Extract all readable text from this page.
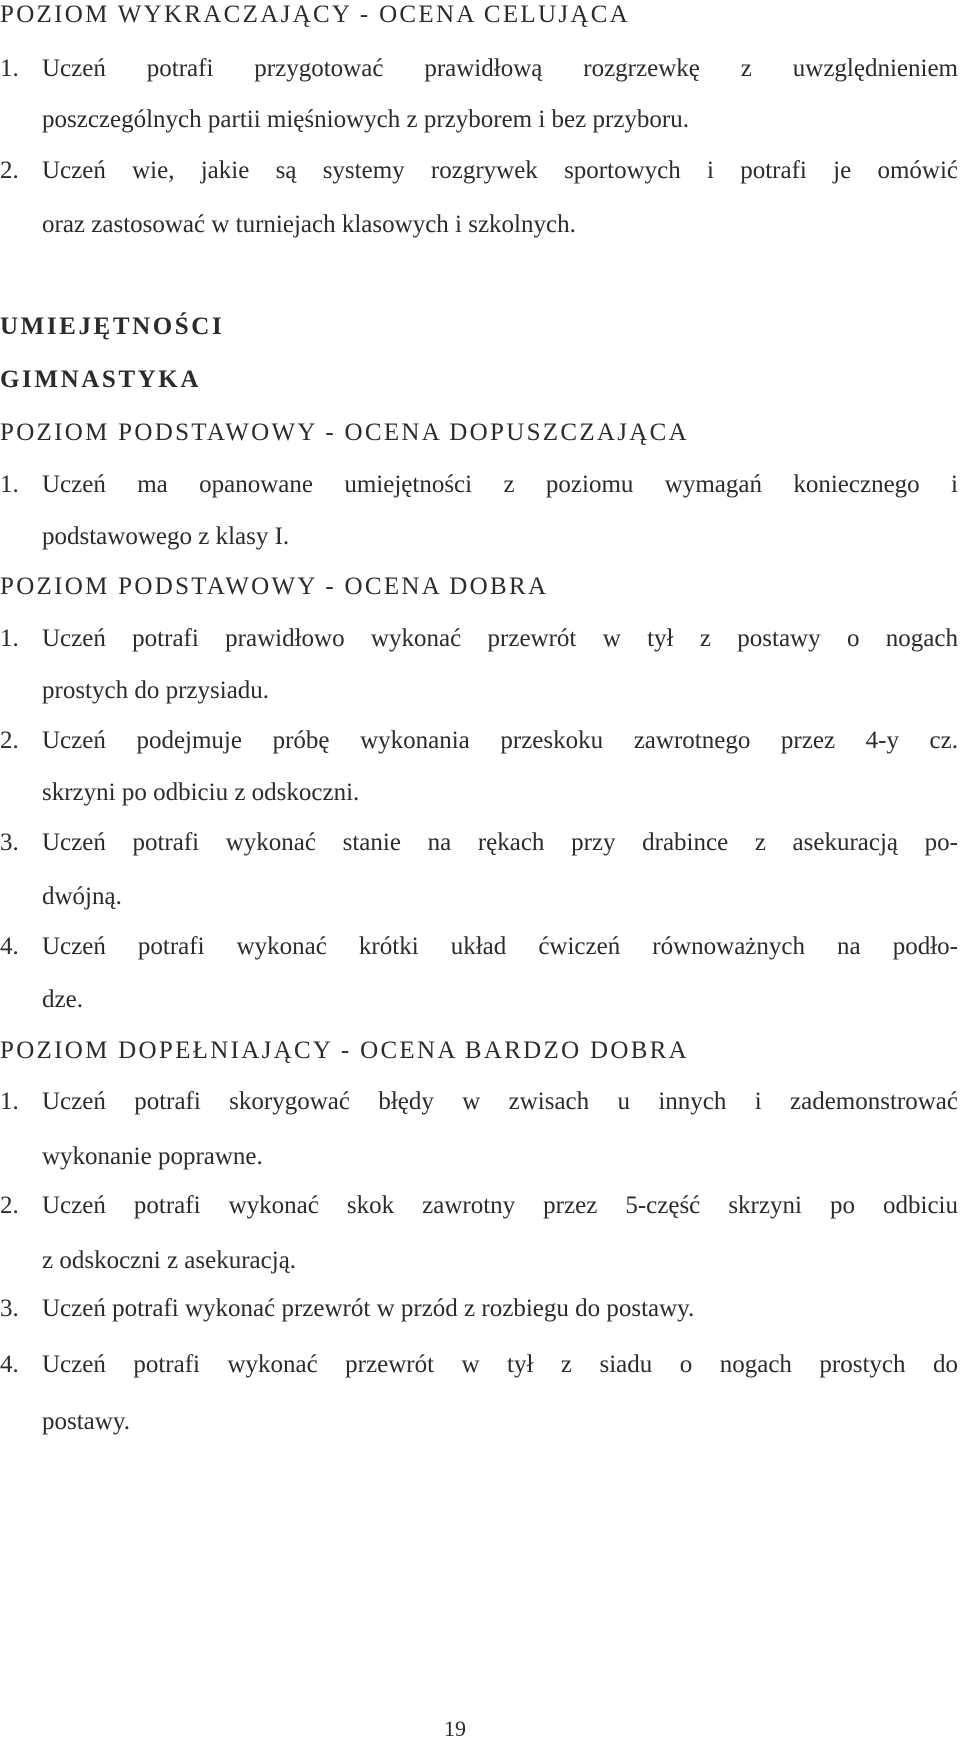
POZIOM WYKRACZAJĄCY - OCENA CELUJĄCA
1. Uczeń potrafi przygotować prawidłową rozgrzewkę z uwzględnieniem
poszczególnych partii mięśniowych z przyborem i bez przyboru.
2. Uczeń wie, jakie są systemy rozgrywek sportowych i potrafi je omówić
oraz zastosować w turniejach klasowych i szkolnych.
UMIEJĘTNOŚCI
GIMNASTYKA
POZIOM PODSTAWOWY - OCENA DOPUSZCZAJĄCA
1. Uczeń ma opanowane umiejętności z poziomu wymagań koniecznego i
podstawowego z klasy I.
POZIOM PODSTAWOWY - OCENA DOBRA
1. Uczeń potrafi prawidłowo wykonać przewrót w tył z postawy o nogach
prostych do przysiadu.
2. Uczeń podejmuje próbę wykonania przeskoku zawrotnego przez 4-y cz.
skrzyni po odbiciu z odskoczni.
3. Uczeń potrafi wykonać stanie na rękach przy drabince z asekuracją po-
dwójną.
4. Uczeń potrafi wykonać krótki układ ćwiczeń równoważnych na podło-
dze.
POZIOM DOPEŁNIAJĄCY - OCENA BARDZO DOBRA
1. Uczeń potrafi skorygować błędy w zwisach u innych i zademonstrować
wykonanie poprawne.
2. Uczeń potrafi wykonać skok zawrotny przez 5-część skrzyni po odbiciu
z odskoczni z asekuracją.
3. Uczeń potrafi wykonać przewrót w przód z rozbiegu do postawy.
4. Uczeń potrafi wykonać przewrót w tył z siadu o nogach prostych do
postawy.
19
